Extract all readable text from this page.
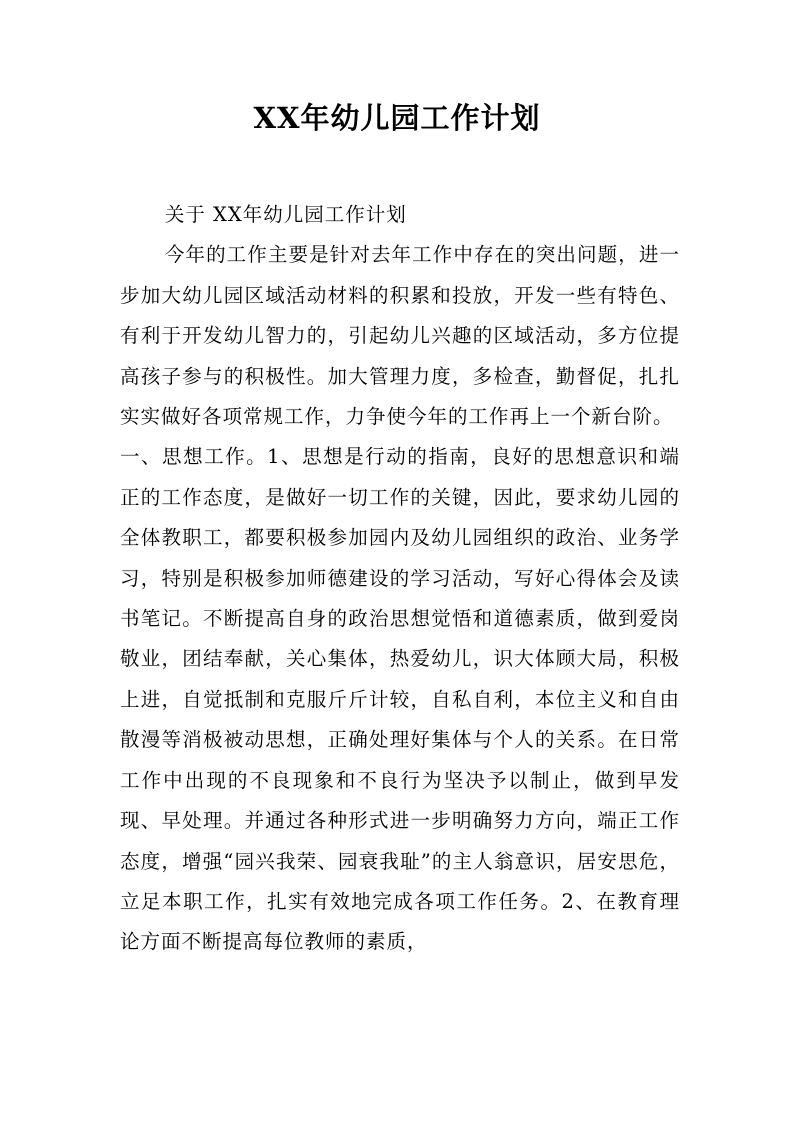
XX年幼儿园工作计划

关于 XX年幼儿园工作计划

今年的工作主要是针对去年工作中存在的突出问题，进一步加大幼儿园区域活动材料的积累和投放，开发一些有特色、有利于开发幼儿智力的，引起幼儿兴趣的区域活动，多方位提高孩子参与的积极性。加大管理力度，多检查，勤督促，扎扎实实做好各项常规工作，力争使今年的工作再上一个新台阶。

一、思想工作。1、思想是行动的指南，良好的思想意识和端正的工作态度，是做好一切工作的关键，因此，要求幼儿园的全体教职工，都要积极参加园内及幼儿园组织的政治、业务学习，特别是积极参加师德建设的学习活动，写好心得体会及读书笔记。不断提高自身的政治思想觉悟和道德素质，做到爱岗敬业，团结奉献，关心集体，热爱幼儿，识大体顾大局，积极上进，自觉抵制和克服斤斤计较，自私自利，本位主义和自由散漫等消极被动思想，正确处理好集体与个人的关系。在日常工作中出现的不良现象和不良行为坚决予以制止，做到早发现、早处理。并通过各种形式进一步明确努力方向，端正工作态度，增强“园兴我荣、园衰我耻”的主人翁意识，居安思危，立足本职工作，扎实有效地完成各项工作任务。2、在教育理论方面不断提高每位教师的素质，
